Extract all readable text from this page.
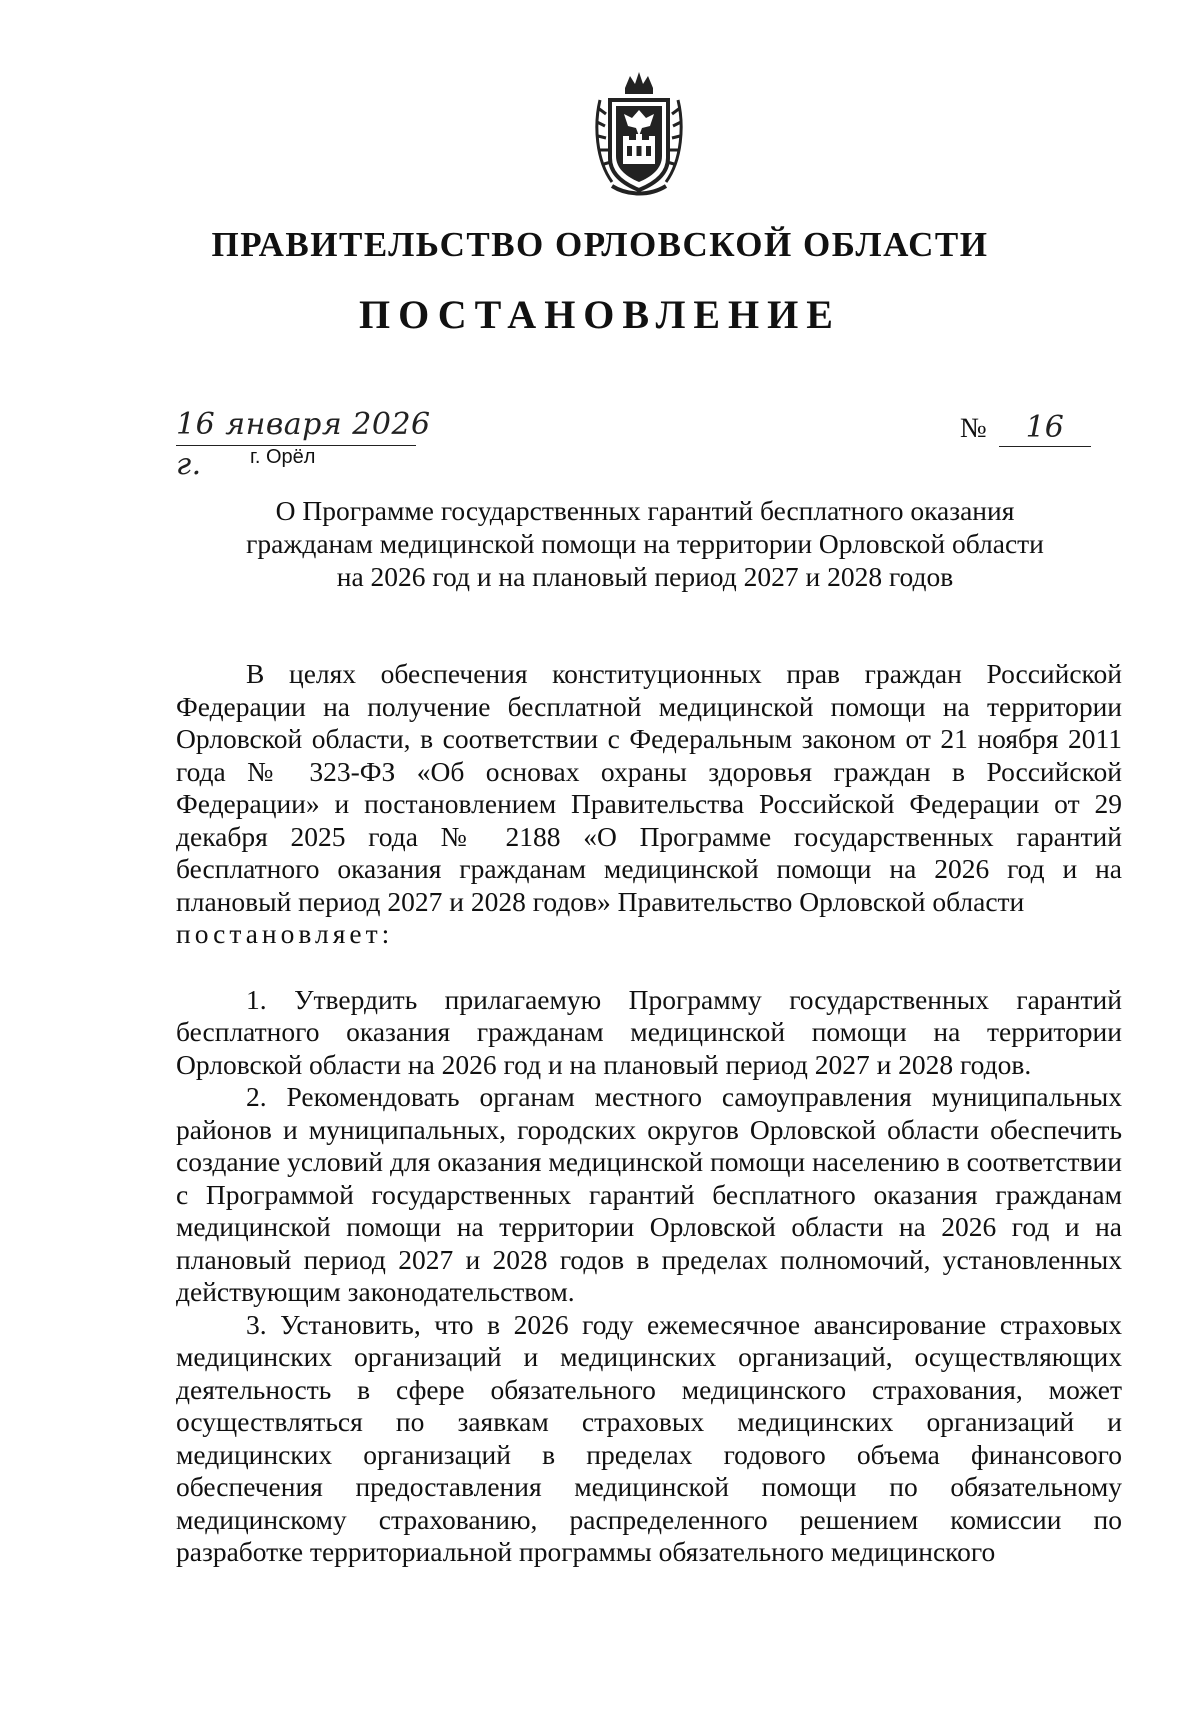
ПРАВИТЕЛЬСТВО ОРЛОВСКОЙ ОБЛАСТИ
ПОСТАНОВЛЕНИЕ
16 января 2026 г.	г. Орёл
№	16
О Программе государственных гарантий бесплатного оказания
гражданам медицинской помощи на территории Орловской области
на 2026 год и на плановый период 2027 и 2028 годов

В целях обеспечения конституционных прав граждан Российской Федерации на получение бесплатной медицинской помощи на территории Орловской области, в соответствии с Федеральным законом от 21 ноября 2011 года № 323-ФЗ «Об основах охраны здоровья граждан в Российской Федерации» и постановлением Правительства Российской Федерации от 29 декабря 2025 года № 2188 «О Программе государственных гарантий бесплатного оказания гражданам медицинской помощи на 2026 год и на плановый период 2027 и 2028 годов» Правительство Орловской области

постановляет:

1. Утвердить прилагаемую Программу государственных гарантий бесплатного оказания гражданам медицинской помощи на территории Орловской области на 2026 год и на плановый период 2027 и 2028 годов.

2. Рекомендовать органам местного самоуправления муниципальных районов и муниципальных, городских округов Орловской области обеспечить создание условий для оказания медицинской помощи населению в соответствии с Программой государственных гарантий бесплатного оказания гражданам медицинской помощи на территории Орловской области на 2026 год и на плановый период 2027 и 2028 годов в пределах полномочий, установленных действующим законодательством.

3. Установить, что в 2026 году ежемесячное авансирование страховых медицинских организаций и медицинских организаций, осуществляющих деятельность в сфере обязательного медицинского страхования, может осуществляться по заявкам страховых медицинских организаций и медицинских организаций в пределах годового объема финансового обеспечения предоставления медицинской помощи по обязательному медицинскому страхованию, распределенного решением комиссии по разработке территориальной программы обязательного медицинского
